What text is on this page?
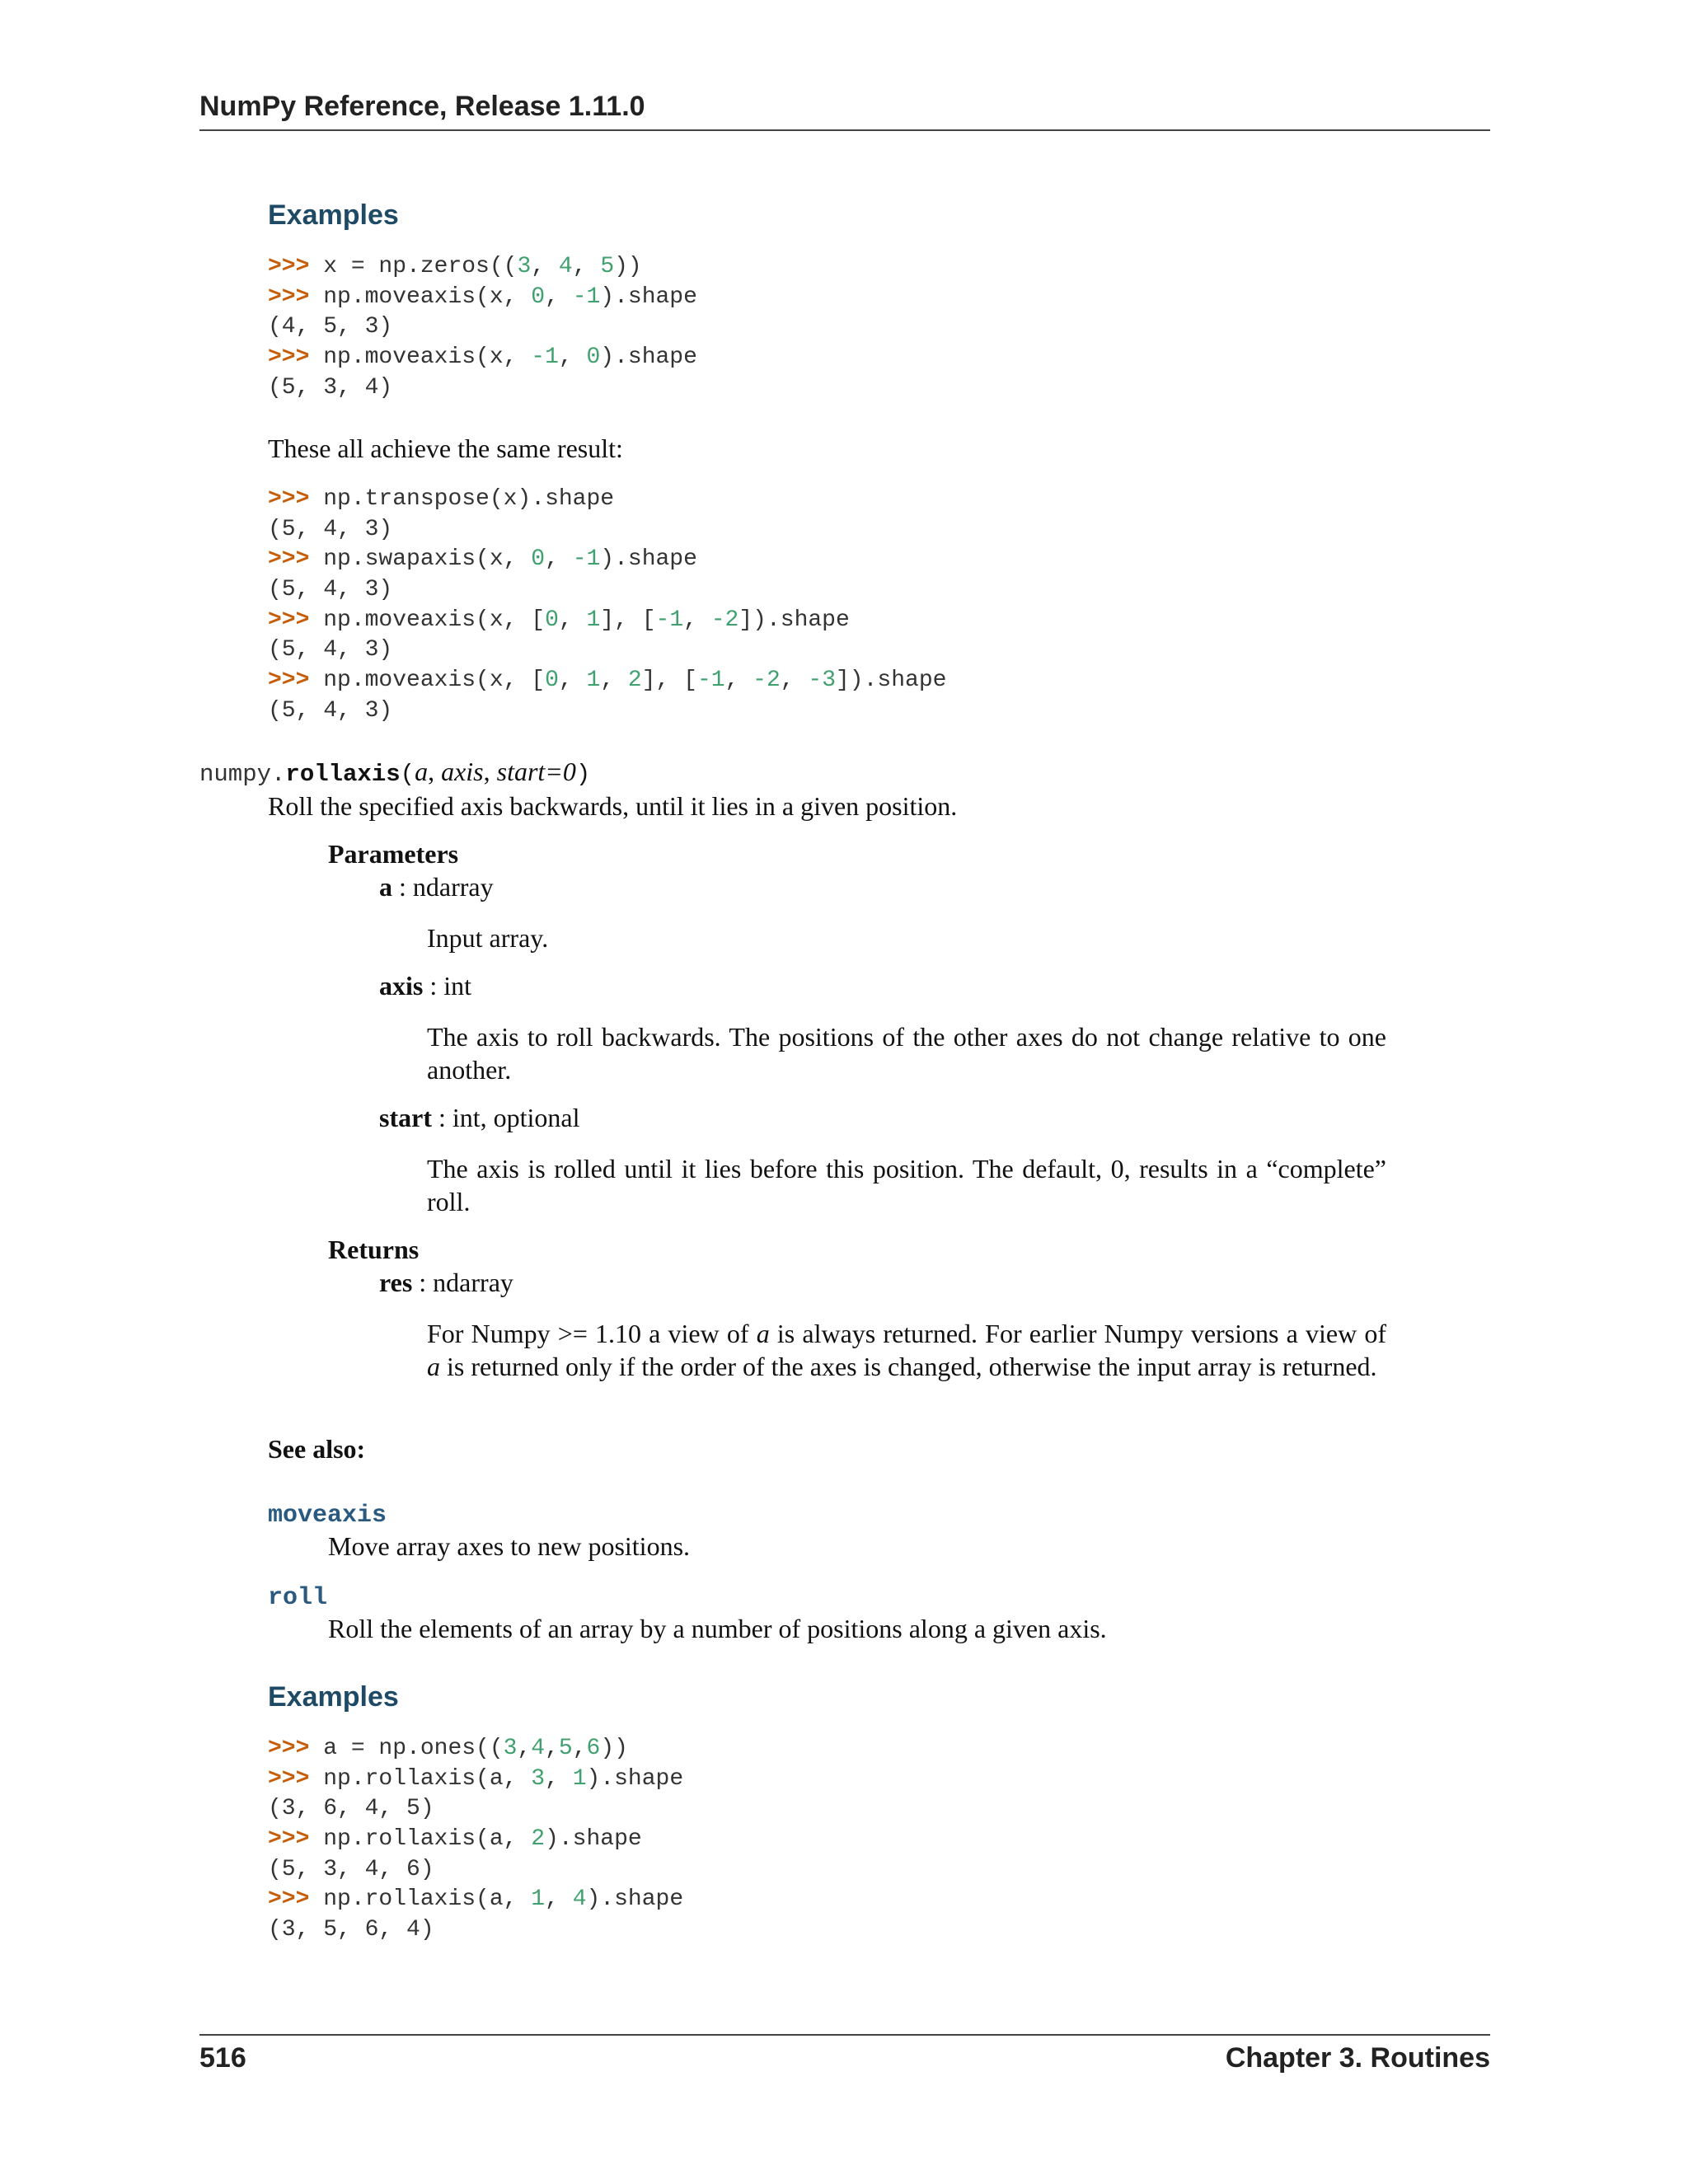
NumPy Reference, Release 1.11.0
Examples
>>> x = np.zeros((3, 4, 5))
>>> np.moveaxis(x, 0, -1).shape
(4, 5, 3)
>>> np.moveaxis(x, -1, 0).shape
(5, 3, 4)
These all achieve the same result:
>>> np.transpose(x).shape
(5, 4, 3)
>>> np.swapaxis(x, 0, -1).shape
(5, 4, 3)
>>> np.moveaxis(x, [0, 1], [-1, -2]).shape
(5, 4, 3)
>>> np.moveaxis(x, [0, 1, 2], [-1, -2, -3]).shape
(5, 4, 3)
numpy.rollaxis(a, axis, start=0)
Roll the specified axis backwards, until it lies in a given position.
Parameters
a : ndarray
Input array.
axis : int
The axis to roll backwards. The positions of the other axes do not change relative to one another.
start : int, optional
The axis is rolled until it lies before this position. The default, 0, results in a “complete” roll.
Returns
res : ndarray
For Numpy >= 1.10 a view of a is always returned. For earlier Numpy versions a view of a is returned only if the order of the axes is changed, otherwise the input array is returned.
See also:
moveaxis
Move array axes to new positions.
roll
Roll the elements of an array by a number of positions along a given axis.
Examples
>>> a = np.ones((3,4,5,6))
>>> np.rollaxis(a, 3, 1).shape
(3, 6, 4, 5)
>>> np.rollaxis(a, 2).shape
(5, 3, 4, 6)
>>> np.rollaxis(a, 1, 4).shape
(3, 5, 6, 4)
516	Chapter 3. Routines
